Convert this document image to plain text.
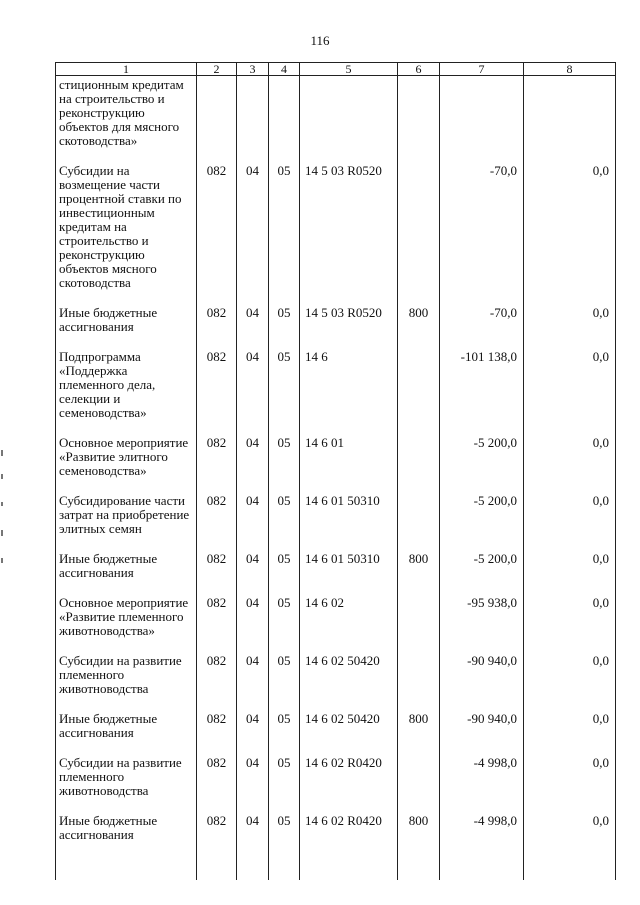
116
1	2	3	4	5	6	7	8
стиционным кредитам на строительство и реконструкцию объектов для мясного скотоводства»							
Субсидии на возмещение части процентной ставки по инвестиционным кредитам на строительство и реконструкцию объектов мясного скотоводства	082	04	05	14 5 03 R0520		-70,0	0,0
Иные бюджетные ассигнования	082	04	05	14 5 03 R0520	800	-70,0	0,0
Подпрограмма «Поддержка племенного дела, селекции и семеноводства»	082	04	05	14 6		-101 138,0	0,0
Основное мероприятие «Развитие элитного семеноводства»	082	04	05	14 6 01		-5 200,0	0,0
Субсидирование части затрат на приобретение элитных семян	082	04	05	14 6 01 50310		-5 200,0	0,0
Иные бюджетные ассигнования	082	04	05	14 6 01 50310	800	-5 200,0	0,0
Основное мероприятие «Развитие племенного животноводства»	082	04	05	14 6 02		-95 938,0	0,0
Субсидии на развитие племенного животноводства	082	04	05	14 6 02 50420		-90 940,0	0,0
Иные бюджетные ассигнования	082	04	05	14 6 02 50420	800	-90 940,0	0,0
Субсидии на развитие племенного животноводства	082	04	05	14 6 02 R0420		-4 998,0	0,0
Иные бюджетные ассигнования	082	04	05	14 6 02 R0420	800	-4 998,0	0,0
